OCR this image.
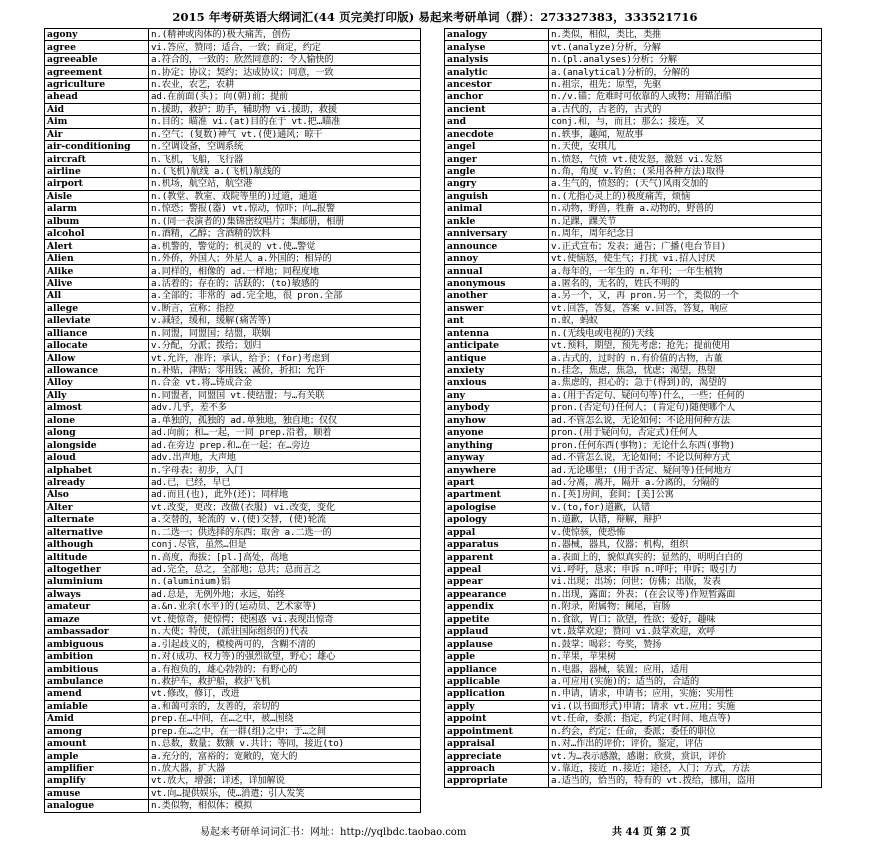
2015 年考研英语大纲词汇(44 页完美打印版) 易起来考研单词（群）：273327383，333521716
agony	n.(精神或肉体的)极大痛苦，创伤
agree	vi.答应，赞同；适合，一致；商定，约定
agreeable	a.符合的，一致的；欣然同意的；令人愉快的
agreement	n.协定；协议；契约；达成协议；同意，一致
agriculture	n.农业，农艺，农耕
ahead	ad.在前面(头)；向(朝)前；提前
Aid	n.援助，救护；助手，辅助物 vi.援助，救援
Aim	n.目的；瞄准 vi.(at)目的在于 vt.把…瞄准
Air	n.空气；(复数)神气 vt.(使)通风；晾干
air-conditioning	n.空调设备，空调系统
aircraft	n.飞机，飞船，飞行器
airline	n.(飞机)航线 a.(飞机)航线的
airport	n.机场，航空站，航空港
Aisle	n.(教堂、教室、戏院等里的)过道，通道
alarm	n.惊恐；警报(器) vt.惊动，惊吓；向…报警
album	n.(同一表演者的)集锦密纹唱片；集邮册，相册
alcohol	n.酒精，乙醇；含酒精的饮料
Alert	a.机警的，警觉的；机灵的 vt.使…警觉
Alien	n.外侨，外国人；外星人 a.外国的；相异的
Alike	a.同样的，相像的 ad.一样地；同程度地
Alive	a.活着的；存在的；活跃的；(to)敏感的
All	a.全部的；非常的 ad.完全地，很 pron.全部
allege	v.断言，宣称；指控
alleviate	v.减轻，缓和，缓解(痛苦等)
alliance	n.同盟，同盟国；结盟，联姻
allocate	v.分配，分派；拨给；划归
Allow	vt.允许，准许；承认，给予；(for)考虑到
allowance	n.补贴，津贴；零用钱；减价，折扣；允许
Alloy	n.合金 vt.将…铸成合金
Ally	n.同盟者，同盟国 vt.使结盟；与…有关联
almost	adv.几乎，差不多
alone	a.单独的，孤独的 ad.单独地，独自地；仅仅
along	ad.向前；和…一起，一同 prep.沿着，顺着
alongside	ad.在旁边 prep.和…在一起；在…旁边
aloud	adv.出声地，大声地
alphabet	n.字母表；初步，入门
already	ad.已，已经，早已
Also	ad.而且(也)，此外(还)；同样地
Alter	vt.改变，更改；改做(衣服) vi.改变，变化
alternate	a.交替的，轮流的 v.(使)交替，(使)轮流
alternative	n.二选一；供选择的东西；取舍 a.二选一的
although	conj.尽管，虽然…但是
altitude	n.高度，海拔；[pl.]高处，高地
altogether	ad.完全，总之，全部地；总共；总而言之
aluminium	n.(aluminium)铝
always	ad.总是，无例外地；永远，始终
amateur	a.&n.业余(水平)的(运动员、艺术家等)
amaze	vt.使惊奇，使惊愕；使困惑 vi.表现出惊奇
ambassador	n.大使；特使，(派驻国际组织的)代表
ambiguous	a.引起歧义的，模棱两可的，含糊不清的
ambition	n.对(成功、权力等)的强烈欲望，野心；雄心
ambitious	a.有抱负的，雄心勃勃的；有野心的
ambulance	n.救护车，救护船，救护飞机
amend	vt.修改，修订，改进
amiable	a.和蔼可亲的，友善的，亲切的
Amid	prep.在…中间，在…之中，被…围绕
among	prep.在…之中，在一群(组)之中；于…之间
amount	n.总数，数量；数额 v.共计；等同，接近(to)
ample	a.充分的，富裕的；宽敞的，宽大的
amplifier	n.放大器，扩大器
amplify	vt.放大，增强；详述，详加解说
amuse	vt.向…提供娱乐，使…消遣；引人发笑
analogue	n.类似物，相似体；模拟
analogy	n.类似，相似，类比，类推
analyse	vt.(analyze)分析，分解
analysis	n.(pl.analyses)分析；分解
analytic	a.(analytical)分析的，分解的
ancestor	n.祖宗，祖先；原型，先驱
anchor	n./v.锚；危难时可依靠的人或物；用锚泊船
ancient	a.古代的，古老的，古式的
and	conj.和，与，而且；那么；接连，又
anecdote	n.轶事，趣闻，短故事
angel	n.天使，安琪儿
anger	n.愤怒，气愤 vt.使发怒，激怒 vi.发怒
angle	n.角，角度 v.钓鱼；(采用各种方法)取得
angry	a.生气的，愤怒的；(天气)风雨交加的
anguish	n.(尤指心灵上的)极度痛苦，烦恼
animal	n.动物，野兽，牲畜 a.动物的，野兽的
ankle	n.足踝，踝关节
anniversary	n.周年，周年纪念日
announce	v.正式宣布；发表；通告；广播(电台节目)
annoy	vt.使恼怒，使生气；打扰 vi.招人讨厌
annual	a.每年的，一年生的 n.年刊；一年生植物
anonymous	a.匿名的，无名的，姓氏不明的
another	a.另一个，又，再 pron.另一个，类似的一个
answer	vt.回答，答复，答案 v.回答，答复，响应
ant	n.蚁，蚂蚁
antenna	n.(无线电或电视的)天线
anticipate	vt.预料，期望，预先考虑；抢先；提前使用
antique	a.古式的，过时的 n.有价值的古物，古董
anxiety	n.挂念，焦虑，焦急，忧虑；渴望，热望
anxious	a.焦虑的，担心的；急于(得到)的，渴望的
any	a.(用于否定句、疑问句等)什么，一些；任何的
anybody	pron.(否定句)任何人；(肯定句)随便哪个人
anyhow	ad.不管怎么说，无论如何；不论用何种方法
anyone	pron.(用于疑问句，否定式)任何人
anything	pron.任何东西(事物)；无论什么东西(事物)
anyway	ad.不管怎么说，无论如何；不论以何种方式
anywhere	ad.无论哪里；(用于否定、疑问等)任何地方
apart	ad.分离，离开，隔开 a.分离的，分隔的
apartment	n.[英]房间，套间；[美]公寓
apologise	v.(to,for)道歉，认错
apology	n.道歉，认错，辩解，辩护
appal	v.使惊骇，使恐怖
apparatus	n.器械，器具，仪器；机构，组织
apparent	a.表面上的，貌似真实的；显然的，明明白白的
appeal	vi.呼吁，恳求；申诉 n.呼吁；申诉；吸引力
appear	vi.出现；出场；问世；仿佛；出版，发表
appearance	n.出现，露面；外表；(在会议等)作短暂露面
appendix	n.附录，附属物；阑尾，盲肠
appetite	n.食欲，胃口；欲望，性欲；爱好，趣味
applaud	vt.鼓掌欢迎；赞同 vi.鼓掌欢迎，欢呼
applause	n.鼓掌；喝彩；夸奖，赞扬
apple	n.苹果，苹果树
appliance	n.电器，器械，装置；应用，适用
applicable	a.可应用(实施)的；适当的，合适的
application	n.申请，请求，申请书；应用，实施；实用性
apply	vi.(以书面形式)申请；请求 vt.应用；实施
appoint	vt.任命，委派；指定，约定(时间、地点等)
appointment	n.约会，约定；任命，委派；委任的职位
appraisal	n.对…作出的评价；评价，鉴定，评估
appreciate	vt.为…表示感激，感谢；欣赏，赏识，评价
approach	v.靠近，接近 n.接近；途径，入门；方式，方法
appropriate	a.适当的，恰当的，特有的 vt.拨给，挪用，盗用
易起来考研单词词汇书：网址：http://yqlbdc.taobao.com	共 44 页 第 2 页
